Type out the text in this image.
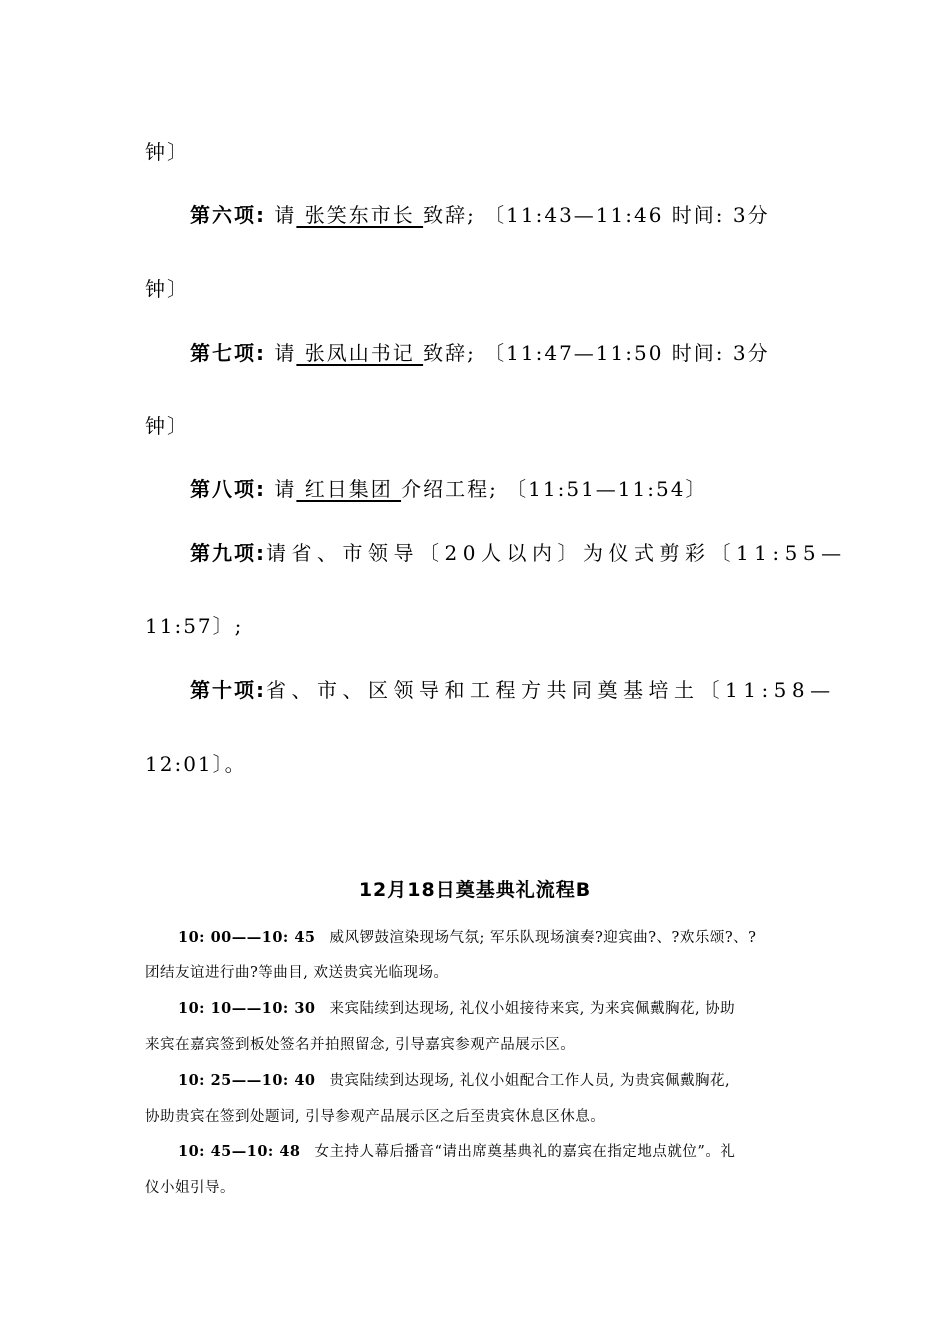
钟〕
第六项: 请 张笑东市长 致辞; 〔11:43—11:46 时间: 3分
钟〕
第七项: 请 张凤山书记 致辞; 〔11:47—11:50 时间: 3分
钟〕
第八项: 请 红日集团 介绍工程; 〔11:51—11:54〕
第九项:请省、市领导〔20人以内〕为仪式剪彩〔11:55—
11:57〕;
第十项:省、市、区领导和工程方共同奠基培土〔11:58—
12:01〕。
12月18日奠基典礼流程B
10: 00——10: 45 威风锣鼓渲染现场气氛; 军乐队现场演奏?迎宾曲?、?欢乐颂?、?
团结友谊进行曲?等曲目, 欢送贵宾光临现场。
10: 10——10: 30 来宾陆续到达现场, 礼仪小姐接待来宾, 为来宾佩戴胸花, 协助
来宾在嘉宾签到板处签名并拍照留念, 引导嘉宾参观产品展示区。
10: 25——10: 40 贵宾陆续到达现场, 礼仪小姐配合工作人员, 为贵宾佩戴胸花,
协助贵宾在签到处题词, 引导参观产品展示区之后至贵宾休息区休息。
10: 45—10: 48 女主持人幕后播音“请出席奠基典礼的嘉宾在指定地点就位”。礼
仪小姐引导。
